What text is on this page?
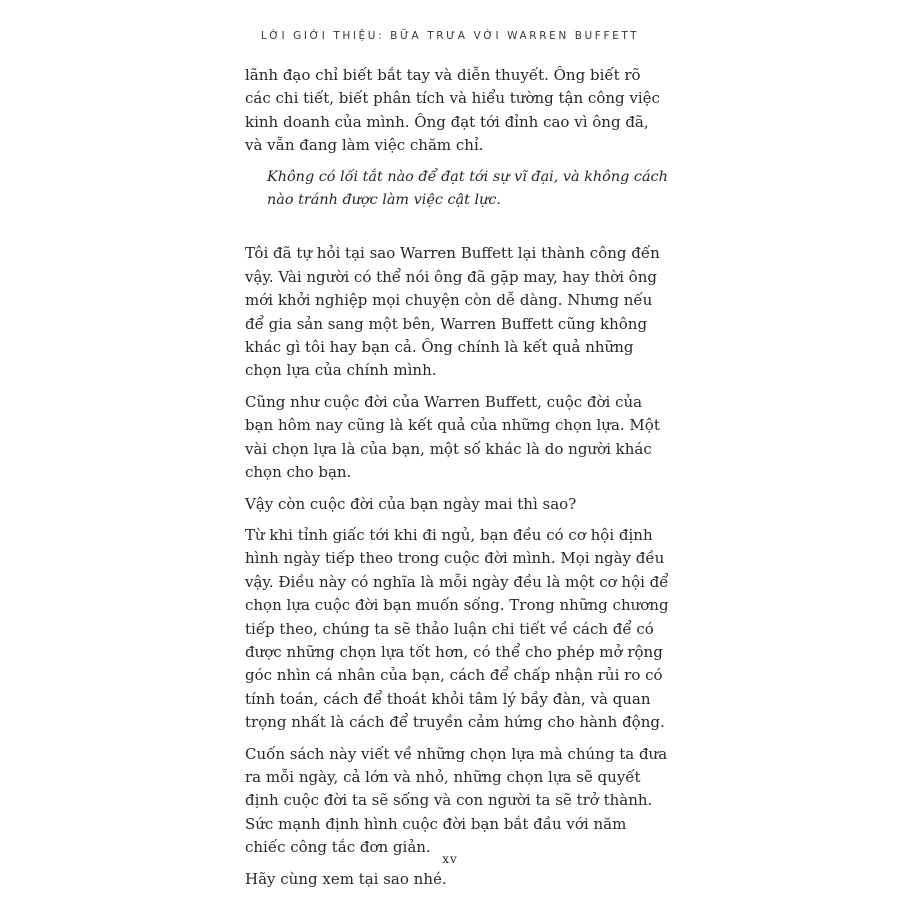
LỜI GIỚI THIỆU: BỮA TRƯA VỚI WARREN BUFFETT

lãnh đạo chỉ biết bắt tay và diễn thuyết. Ông biết rõ các chi tiết, biết phân tích và hiểu tường tận công việc kinh doanh của mình. Ông đạt tới đỉnh cao vì ông đã, và vẫn đang làm việc chăm chỉ.

Không có lối tắt nào để đạt tới sự vĩ đại, và không cách nào tránh được làm việc cật lực.

Tôi đã tự hỏi tại sao Warren Buffett lại thành công đến vậy. Vài người có thể nói ông đã gặp may, hay thời ông mới khởi nghiệp mọi chuyện còn dễ dàng. Nhưng nếu để gia sản sang một bên, Warren Buffett cũng không khác gì tôi hay bạn cả. Ông chính là kết quả những chọn lựa của chính mình.

Cũng như cuộc đời của Warren Buffett, cuộc đời của bạn hôm nay cũng là kết quả của những chọn lựa. Một vài chọn lựa là của bạn, một số khác là do người khác chọn cho bạn.

Vậy còn cuộc đời của bạn ngày mai thì sao?

Từ khi tỉnh giấc tới khi đi ngủ, bạn đều có cơ hội định hình ngày tiếp theo trong cuộc đời mình. Mọi ngày đều vậy. Điều này có nghĩa là mỗi ngày đều là một cơ hội để chọn lựa cuộc đời bạn muốn sống. Trong những chương tiếp theo, chúng ta sẽ thảo luận chi tiết về cách để có được những chọn lựa tốt hơn, có thể cho phép mở rộng góc nhìn cá nhân của bạn, cách để chấp nhận rủi ro có tính toán, cách để thoát khỏi tâm lý bầy đàn, và quan trọng nhất là cách để truyền cảm hứng cho hành động.

Cuốn sách này viết về những chọn lựa mà chúng ta đưa ra mỗi ngày, cả lớn và nhỏ, những chọn lựa sẽ quyết định cuộc đời ta sẽ sống và con người ta sẽ trở thành. Sức mạnh định hình cuộc đời bạn bắt đầu với năm chiếc công tắc đơn giản.

Hãy cùng xem tại sao nhé.

xv
